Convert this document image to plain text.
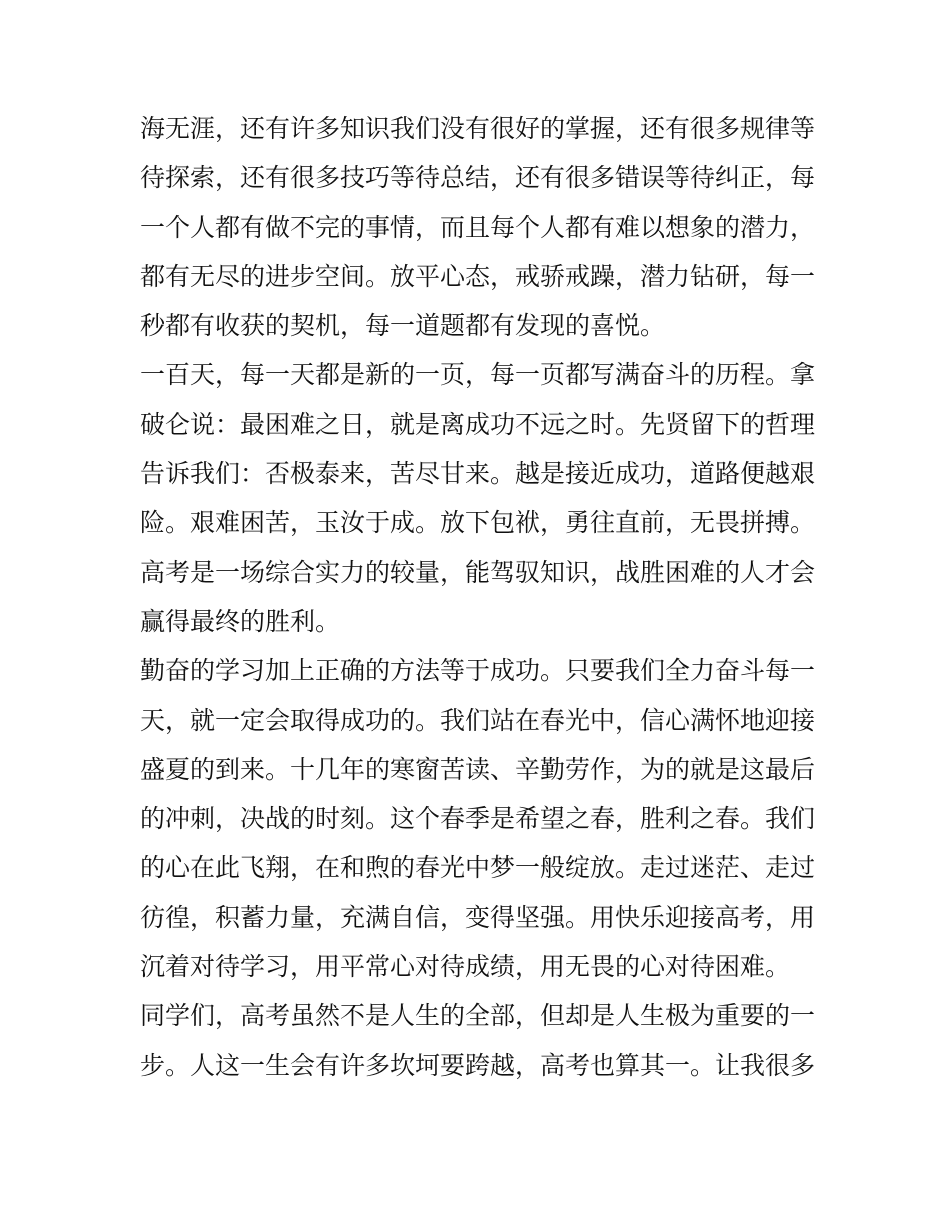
海无涯，还有许多知识我们没有很好的掌握，还有很多规律等
待探索，还有很多技巧等待总结，还有很多错误等待纠正，每
一个人都有做不完的事情，而且每个人都有难以想象的潜力，
都有无尽的进步空间。放平心态，戒骄戒躁，潜力钻研，每一
秒都有收获的契机，每一道题都有发现的喜悦。
一百天，每一天都是新的一页，每一页都写满奋斗的历程。拿
破仑说：最困难之日，就是离成功不远之时。先贤留下的哲理
告诉我们：否极泰来，苦尽甘来。越是接近成功，道路便越艰
险。艰难困苦，玉汝于成。放下包袱，勇往直前，无畏拼搏。
高考是一场综合实力的较量，能驾驭知识，战胜困难的人才会
赢得最终的胜利。
勤奋的学习加上正确的方法等于成功。只要我们全力奋斗每一
天，就一定会取得成功的。我们站在春光中，信心满怀地迎接
盛夏的到来。十几年的寒窗苦读、辛勤劳作，为的就是这最后
的冲刺，决战的时刻。这个春季是希望之春，胜利之春。我们
的心在此飞翔，在和煦的春光中梦一般绽放。走过迷茫、走过
彷徨，积蓄力量，充满自信，变得坚强。用快乐迎接高考，用
沉着对待学习，用平常心对待成绩，用无畏的心对待困难。
同学们，高考虽然不是人生的全部，但却是人生极为重要的一
步。人这一生会有许多坎坷要跨越，高考也算其一。让我很多
